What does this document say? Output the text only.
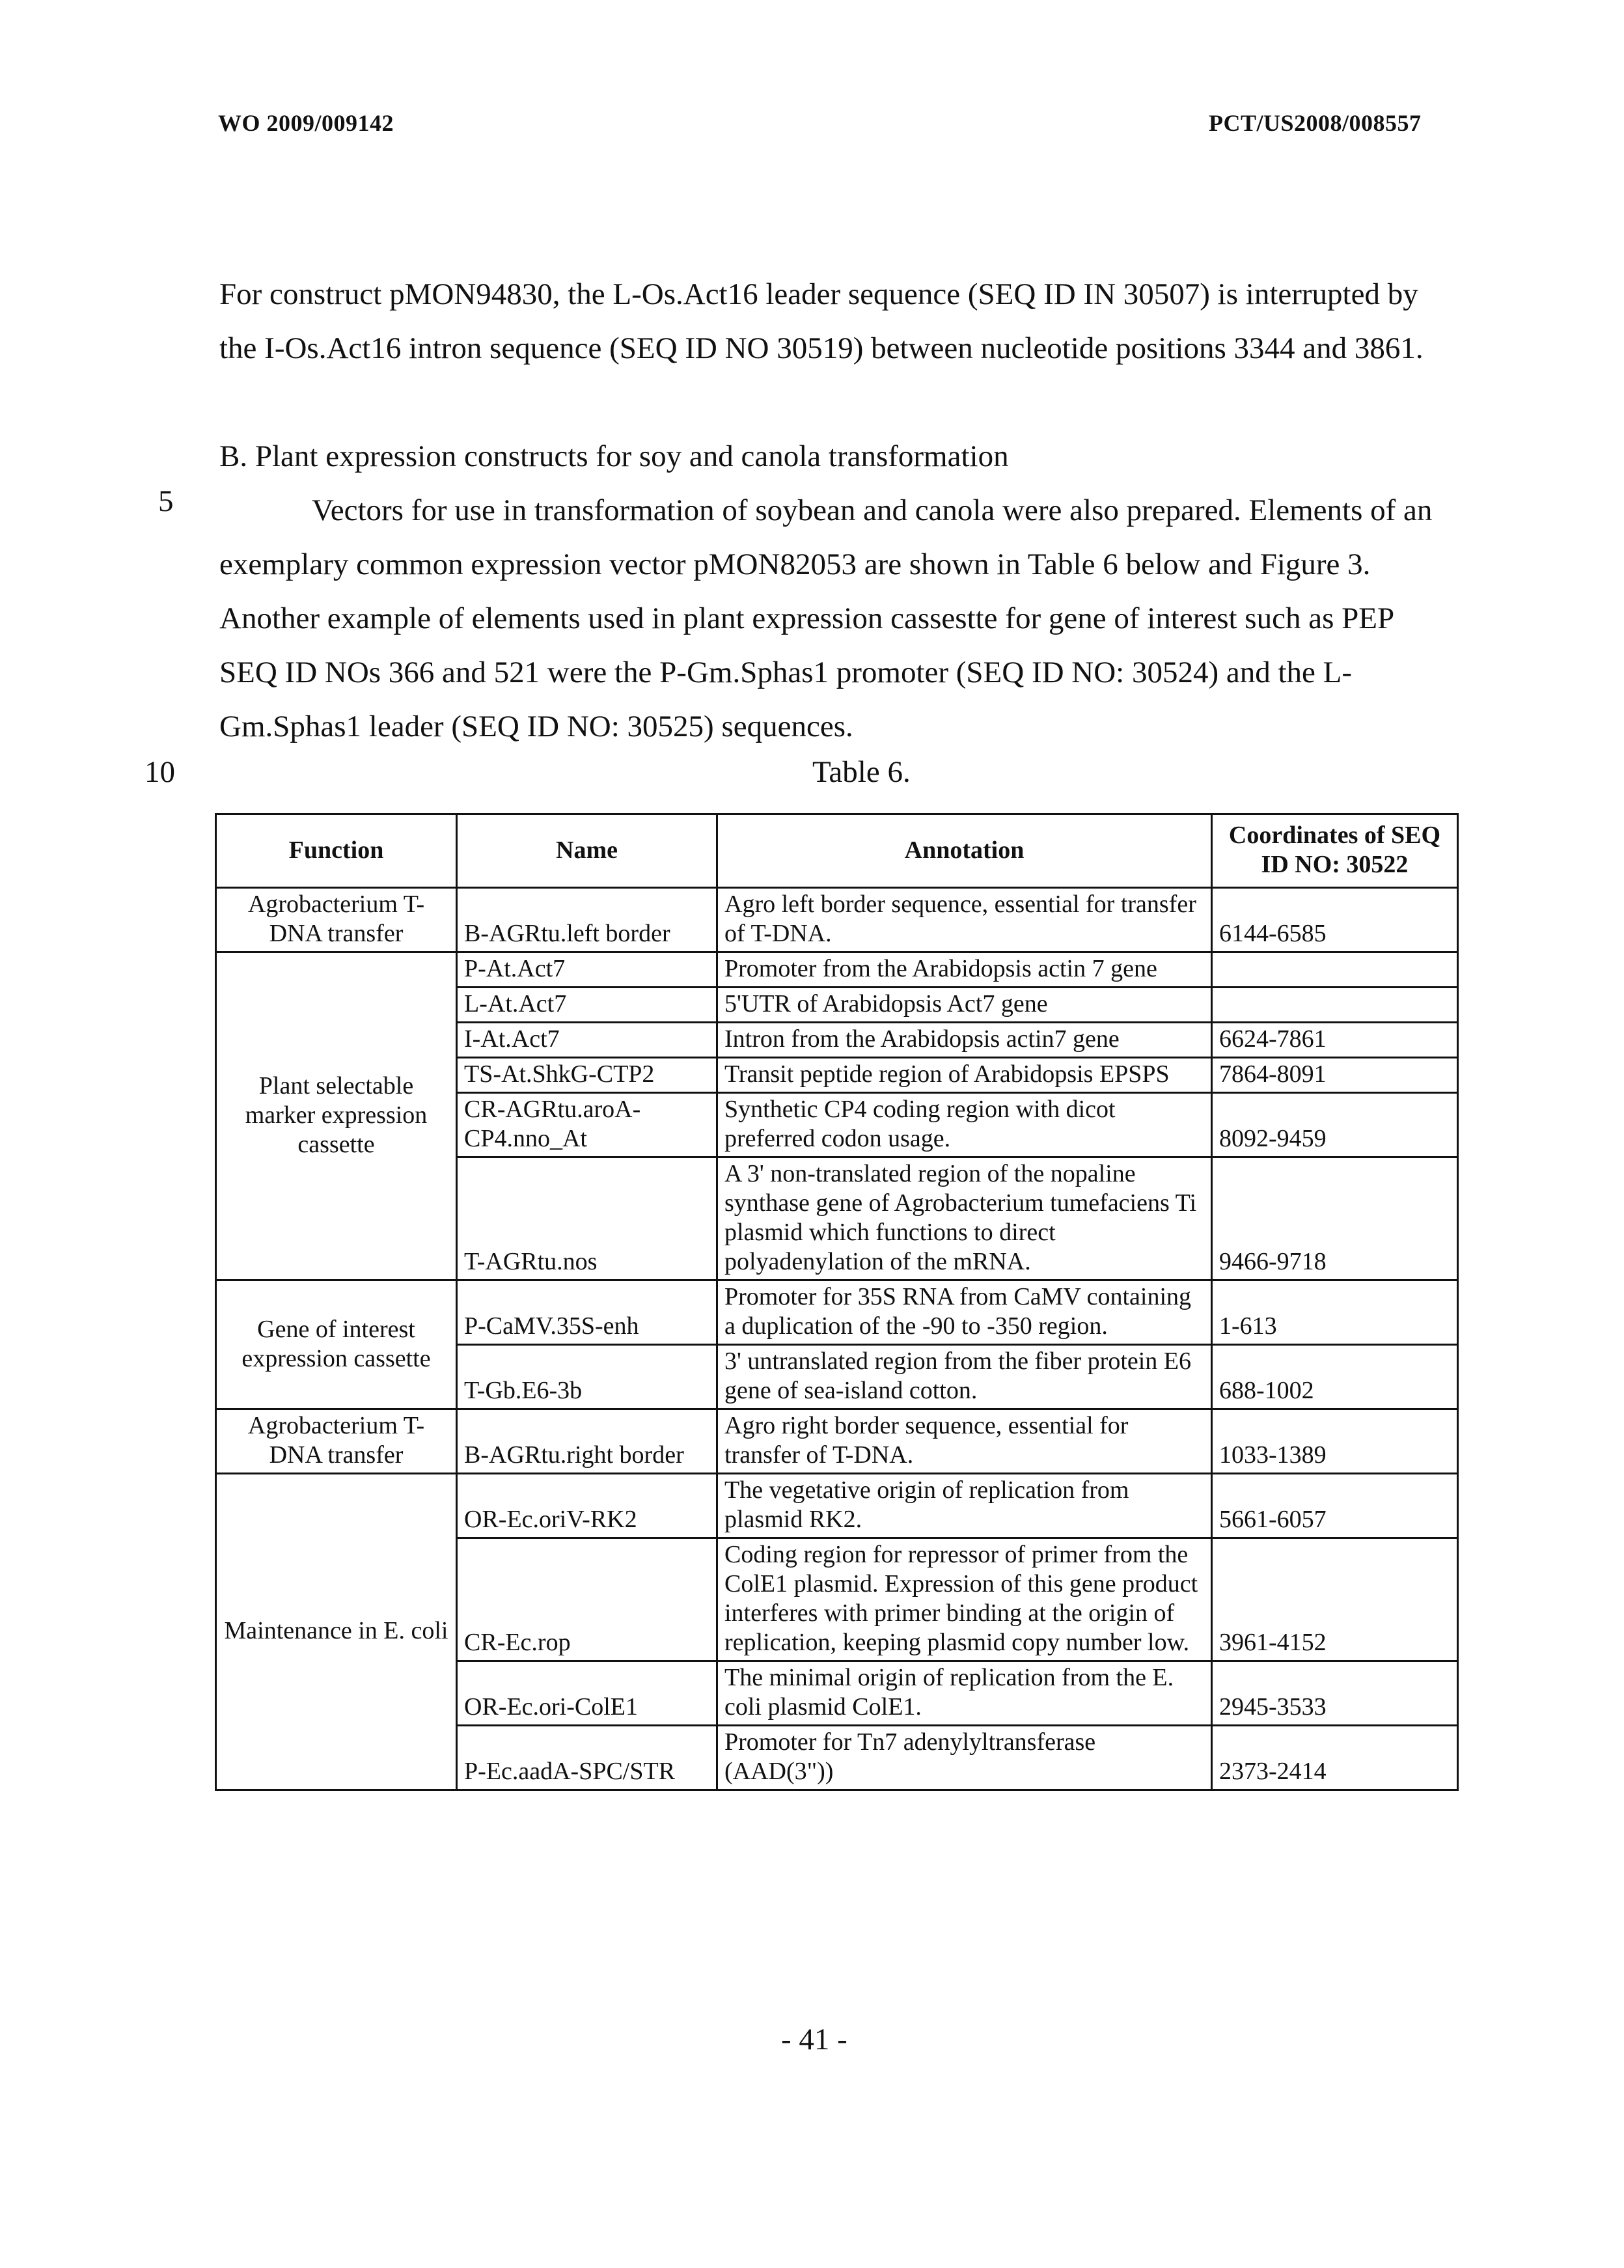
WO 2009/009142	PCT/US2008/008557

For construct pMON94830, the L-Os.Act16 leader sequence (SEQ ID IN 30507) is interrupted by the I-Os.Act16 intron sequence (SEQ ID NO 30519) between nucleotide positions 3344 and 3861.

B. Plant expression constructs for soy and canola transformation

Vectors for use in transformation of soybean and canola were also prepared. Elements of an exemplary common expression vector pMON82053 are shown in Table 6 below and Figure 3. Another example of elements used in plant expression cassestte for gene of interest such as PEP SEQ ID NOs 366 and 521 were the P-Gm.Sphas1 promoter (SEQ ID NO: 30524) and the L-Gm.Sphas1 leader (SEQ ID NO: 30525) sequences.

5
10	Table 6.
Function	Name	Annotation	Coordinates of SEQ ID NO: 30522
Agrobacterium T-DNA transfer	B-AGRtu.left border	Agro left border sequence, essential for transfer of T-DNA.	6144-6585
Plant selectable marker expression cassette	P-At.Act7	Promoter from the Arabidopsis actin 7 gene	
	L-At.Act7	5'UTR of Arabidopsis Act7 gene	
	I-At.Act7	Intron from the Arabidopsis actin7 gene	6624-7861
	TS-At.ShkG-CTP2	Transit peptide region of Arabidopsis EPSPS	7864-8091
	CR-AGRtu.aroA-CP4.nno_At	Synthetic CP4 coding region with dicot preferred codon usage.	8092-9459
	T-AGRtu.nos	A 3' non-translated region of the nopaline synthase gene of Agrobacterium tumefaciens Ti plasmid which functions to direct polyadenylation of the mRNA.	9466-9718
Gene of interest expression cassette	P-CaMV.35S-enh	Promoter for 35S RNA from CaMV containing a duplication of the -90 to -350 region.	1-613
	T-Gb.E6-3b	3' untranslated region from the fiber protein E6 gene of sea-island cotton.	688-1002
Agrobacterium T-DNA transfer	B-AGRtu.right border	Agro right border sequence, essential for transfer of T-DNA.	1033-1389
Maintenance in E. coli	OR-Ec.oriV-RK2	The vegetative origin of replication from plasmid RK2.	5661-6057
	CR-Ec.rop	Coding region for repressor of primer from the ColE1 plasmid. Expression of this gene product interferes with primer binding at the origin of replication, keeping plasmid copy number low.	3961-4152
	OR-Ec.ori-ColE1	The minimal origin of replication from the E. coli plasmid ColE1.	2945-3533
	P-Ec.aadA-SPC/STR	Promoter for Tn7 adenylyltransferase (AAD(3"))	2373-2414
- 41 -
